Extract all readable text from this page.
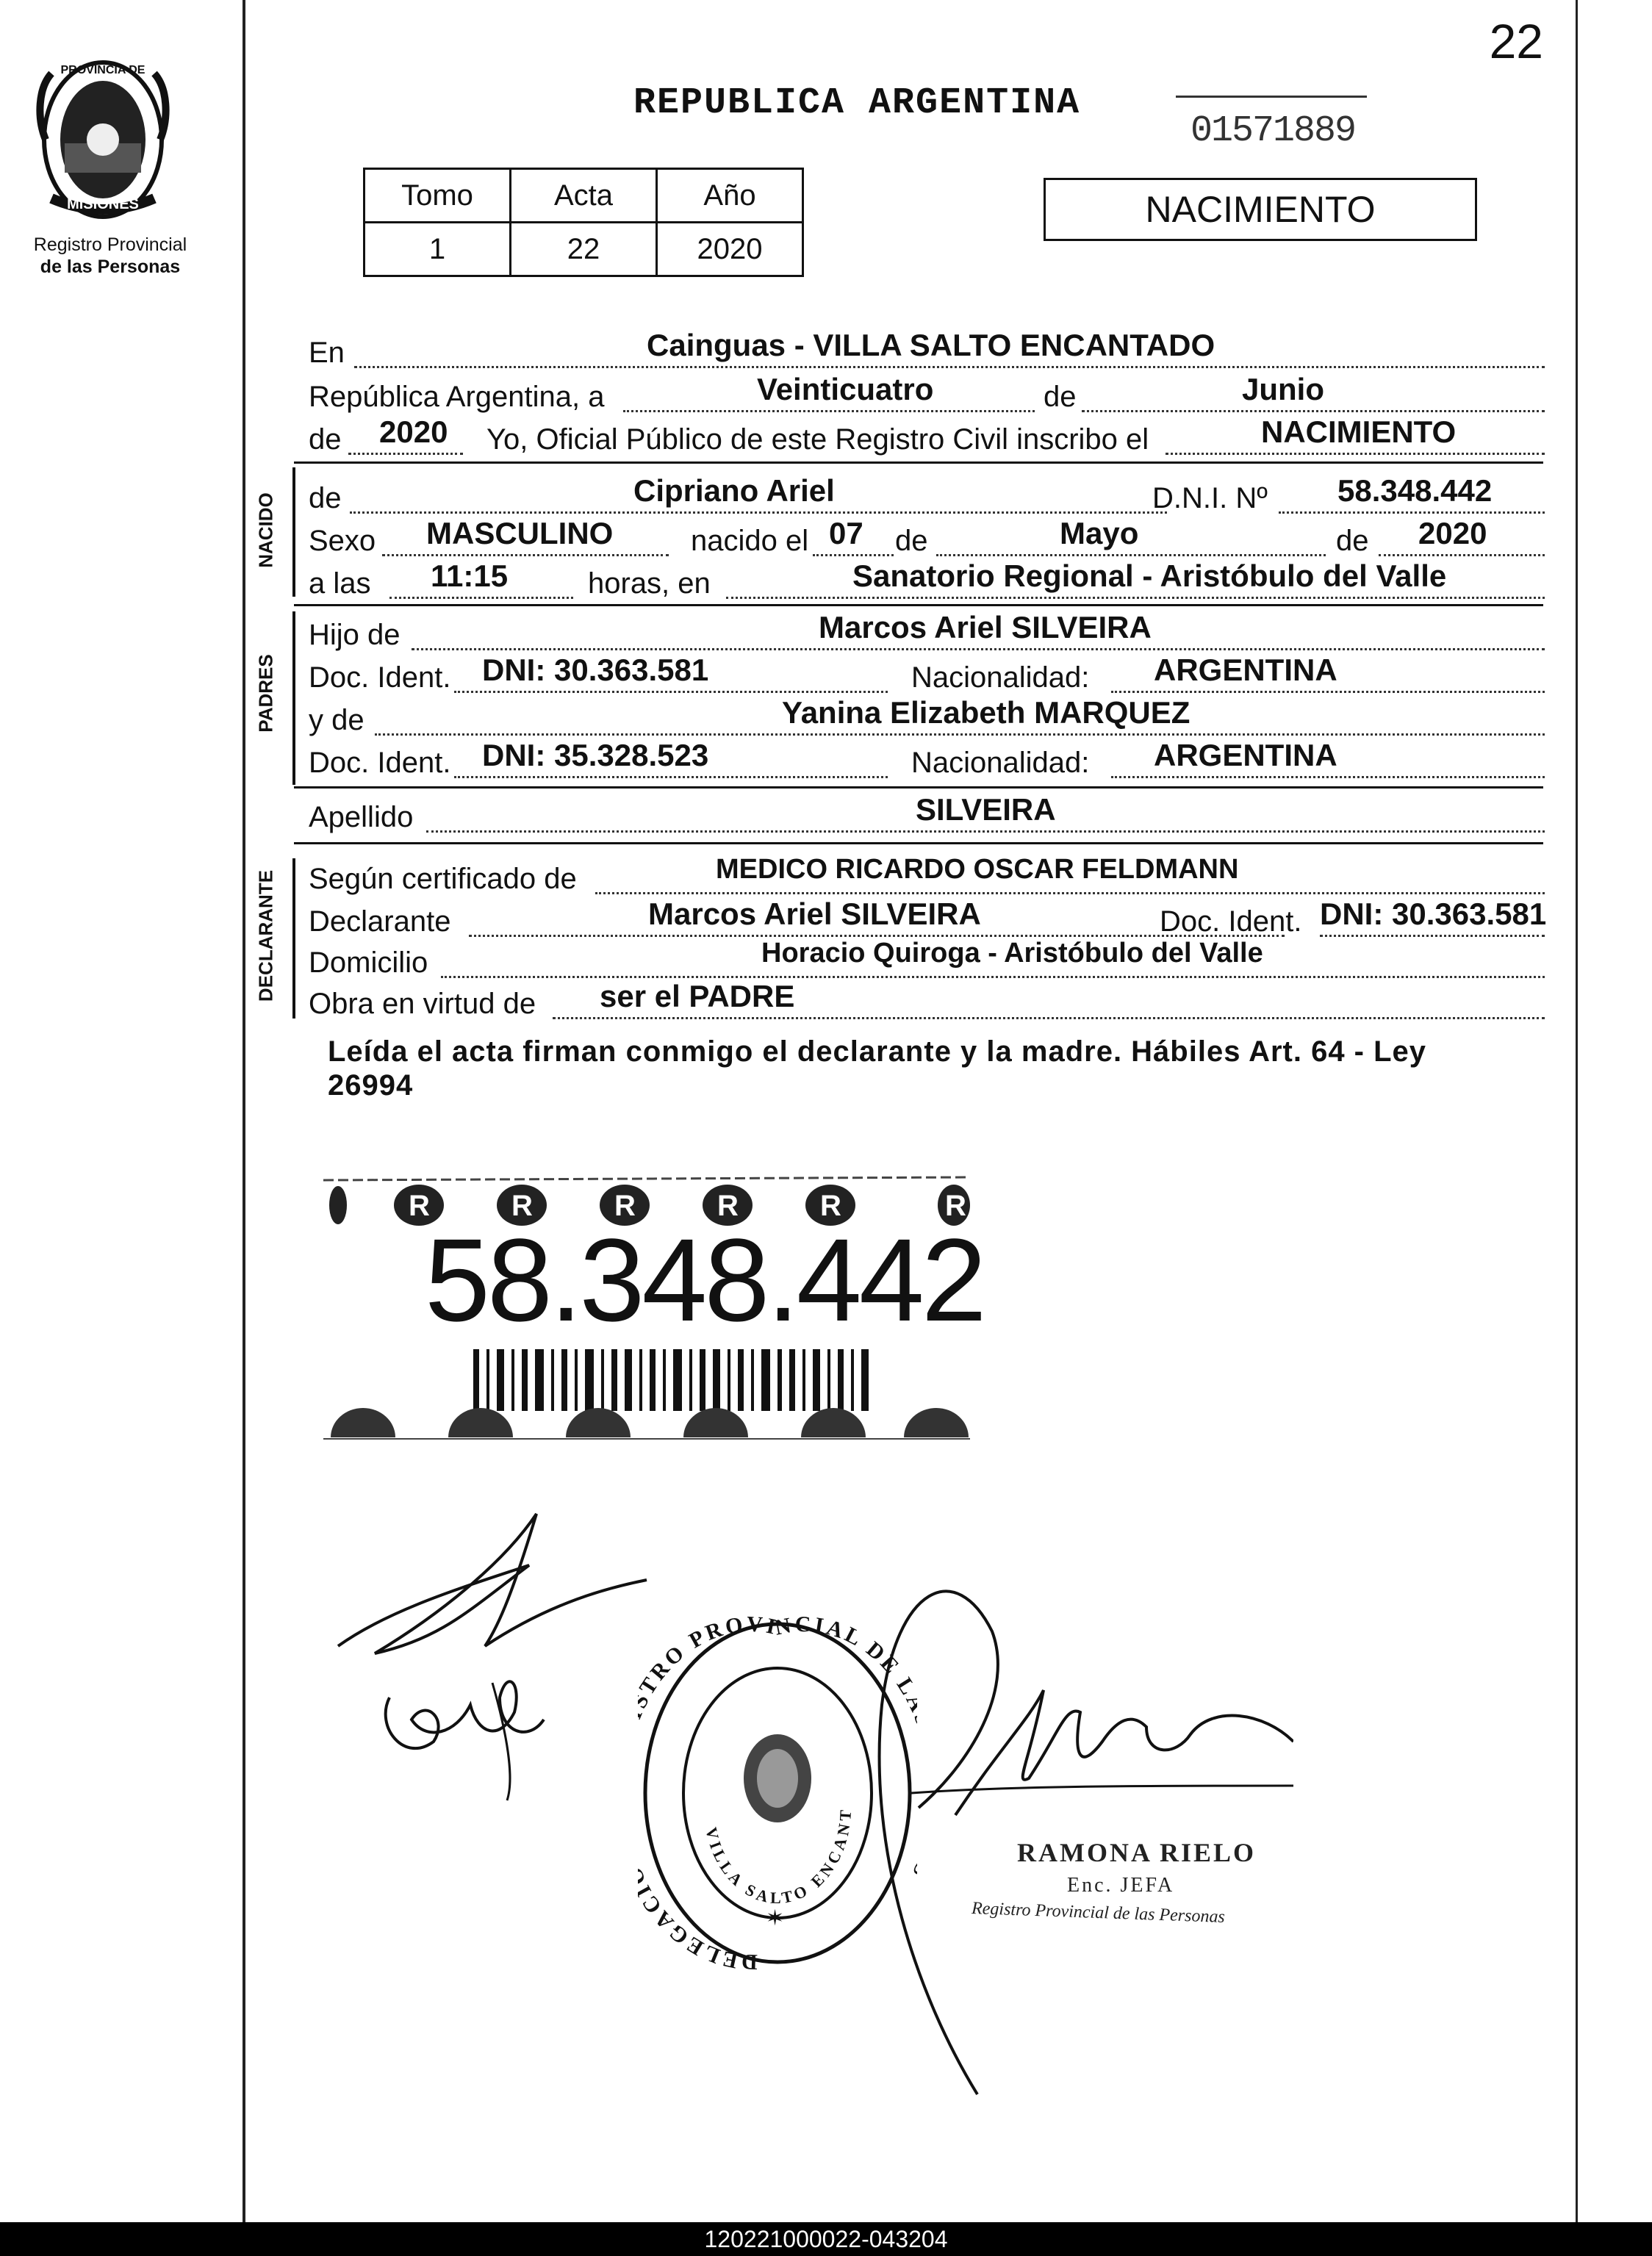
PROVINCIA DE
MISIONES
Registro Provincial
de las Personas
22
REPUBLICA ARGENTINA
01571889
Tomo	Acta	Año
1	22	2020
NACIMIENTO
En	Cainguas - VILLA SALTO ENCANTADO
República Argentina, a	Veinticuatro	de	Junio
de 2020 Yo, Oficial Público de este Registro Civil inscribo el	NACIMIENTO
NACIDO de	Cipriano Ariel	D.N.I. Nº 58.348.442
Sexo MASCULINO	nacido el 07 de	Mayo	de 2020
a las 11:15	horas, en	Sanatorio Regional - Aristóbulo del Valle
PADRES
Hijo de	Marcos Ariel SILVEIRA
Doc. Ident. DNI: 30.363.581	Nacionalidad: ARGENTINA
y de	Yanina Elizabeth MARQUEZ
Doc. Ident. DNI: 35.328.523	Nacionalidad: ARGENTINA
Apellido	SILVEIRA
DECLARANTE Según certificado de	MEDICO RICARDO OSCAR FELDMANN
Declarante	Marcos Ariel SILVEIRA	Doc. Ident. DNI: 30.363.581
Domicilio	Horacio Quiroga - Aristóbulo del Valle
Obra en virtud de ser el PADRE
Leída el acta firman conmigo el declarante y la madre. Hábiles Art. 64 - Ley 26994
R	R	R	R	R	R
58.348.442
DELEGAC RO PROVINCIAL DE
VILLA SALTO ENCANT
✶
RAMONA RIELO
Enc. JEFA
Registro Provincial de las Personas
120221000022-043204
